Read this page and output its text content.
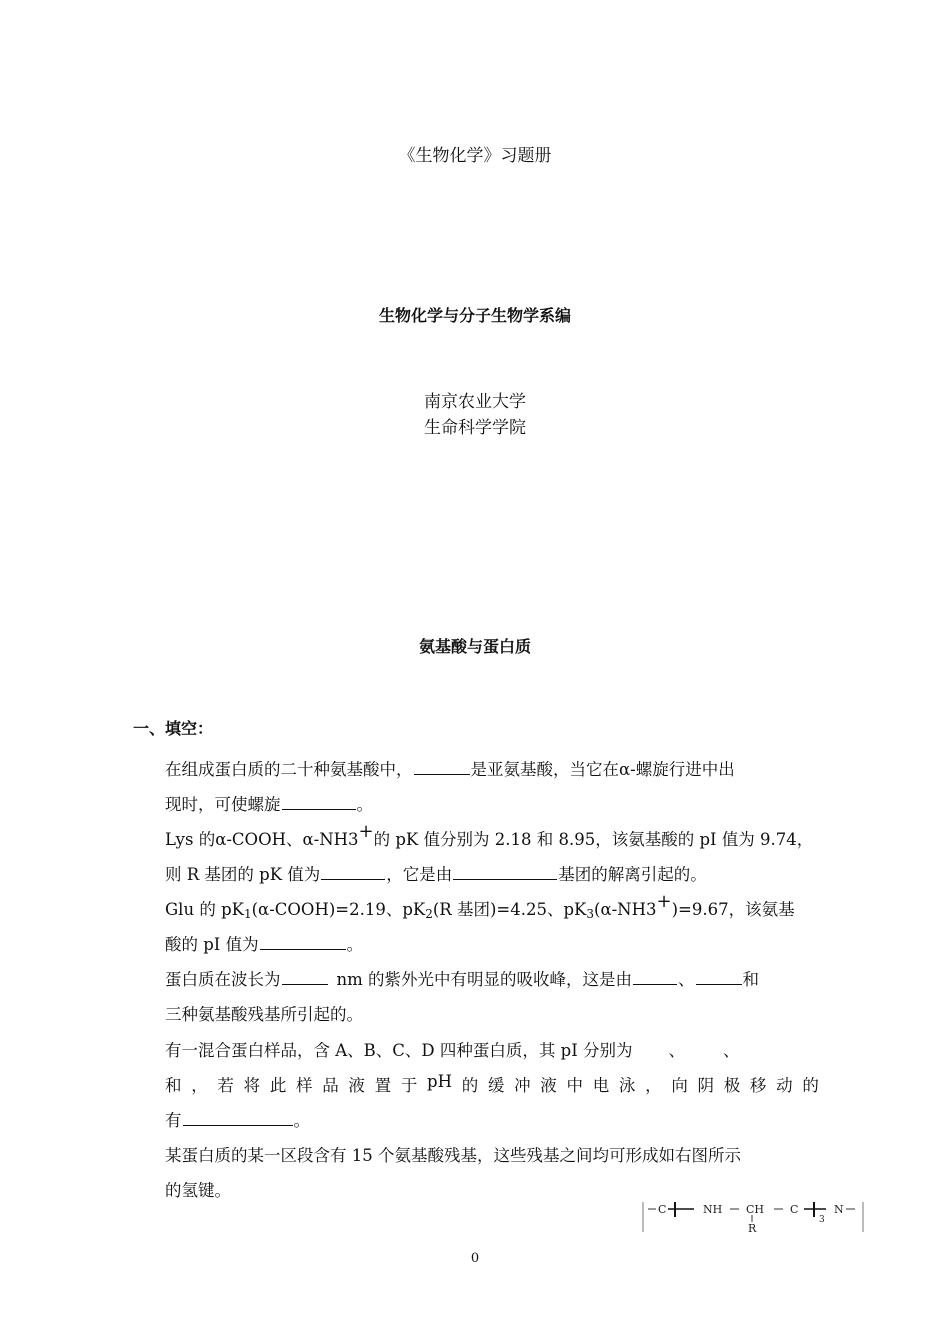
《生物化学》习题册
生物化学与分子生物学系编
南京农业大学
生命科学学院
氨基酸与蛋白质
一、填空：
在组成蛋白质的二十种氨基酸中，	是亚氨基酸，当它在α-螺旋行进中出
现时，可使螺旋	。
Lys 的α-COOH、α-NH3+的 pK 值分别为 2.18 和 8.95，该氨基酸的 pI 值为 9.74，
则 R 基团的 pK 值为	，它是由	基团的解离引起的。
Glu 的 pK1(α-COOH)=2.19、pK2(R 基团)=4.25、pK3(α-NH3+)=9.67，该氨基
酸的 pI 值为	。
蛋白质在波长为	nm 的紫外光中有明显的吸收峰，这是由	、	和
三种氨基酸残基所引起的。
有一混合蛋白样品，含 A、B、C、D 四种蛋白质，其 pI 分别为 、 、
和 ， 若 将 此 样 品 液 置 于 pH 的 缓 冲 液 中 电 泳 ， 向 阴 极 移 动 的
有	。
某蛋白质的某一区段含有 15 个氨基酸残基，这些残基之间均可形成如右图所示
的氢键。
C	NH CH
R
C
3
N
0
